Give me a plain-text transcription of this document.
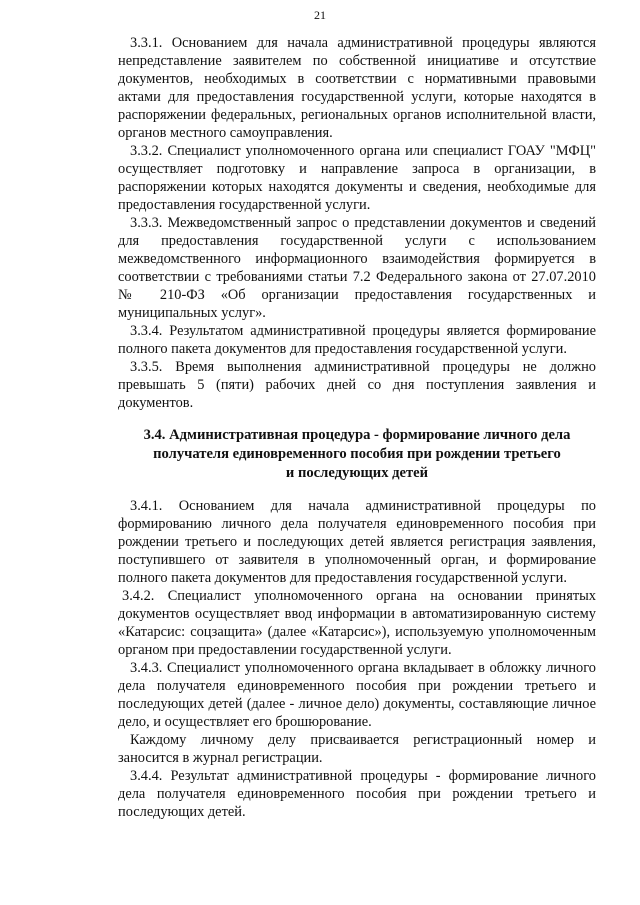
21

3.3.1. Основанием для начала административной процедуры являются непредставление заявителем по собственной инициативе и отсутствие документов, необходимых в соответствии с нормативными правовыми актами для предоставления государственной услуги, которые находятся в распоряжении федеральных, региональных органов исполнительной власти, органов местного самоуправления.

3.3.2. Специалист уполномоченного органа или специалист ГОАУ "МФЦ" осуществляет подготовку и направление запроса в организации, в распоряжении которых находятся документы и сведения, необходимые для предоставления государственной услуги.

3.3.3. Межведомственный запрос о представлении документов и сведений для предоставления государственной услуги с использованием межведомственного информационного взаимодействия формируется в соответствии с требованиями статьи 7.2 Федерального закона от 27.07.2010 № 210-ФЗ «Об организации предоставления государственных и муниципальных услуг».

3.3.4. Результатом административной процедуры является формирование полного пакета документов для предоставления государственной услуги.

3.3.5. Время выполнения административной процедуры не должно превышать 5 (пяти) рабочих дней со дня поступления заявления и документов.

3.4. Административная процедура - формирование личного дела
получателя единовременного пособия при рождении третьего
и последующих детей

3.4.1. Основанием для начала административной процедуры по формированию личного дела получателя единовременного пособия при рождении третьего и последующих детей является регистрация заявления, поступившего от заявителя в уполномоченный орган, и формирование полного пакета документов для предоставления государственной услуги.

3.4.2. Специалист уполномоченного органа на основании принятых документов осуществляет ввод информации в автоматизированную систему «Катарсис: соцзащита» (далее «Катарсис»), используемую уполномоченным органом при предоставлении государственной услуги.

3.4.3. Специалист уполномоченного органа вкладывает в обложку личного дела получателя единовременного пособия при рождении третьего и последующих детей (далее - личное дело) документы, составляющие личное дело, и осуществляет его брошюрование.

Каждому личному делу присваивается регистрационный номер и заносится в журнал регистрации.

3.4.4. Результат административной процедуры - формирование личного дела получателя единовременного пособия при рождении третьего и последующих детей.
